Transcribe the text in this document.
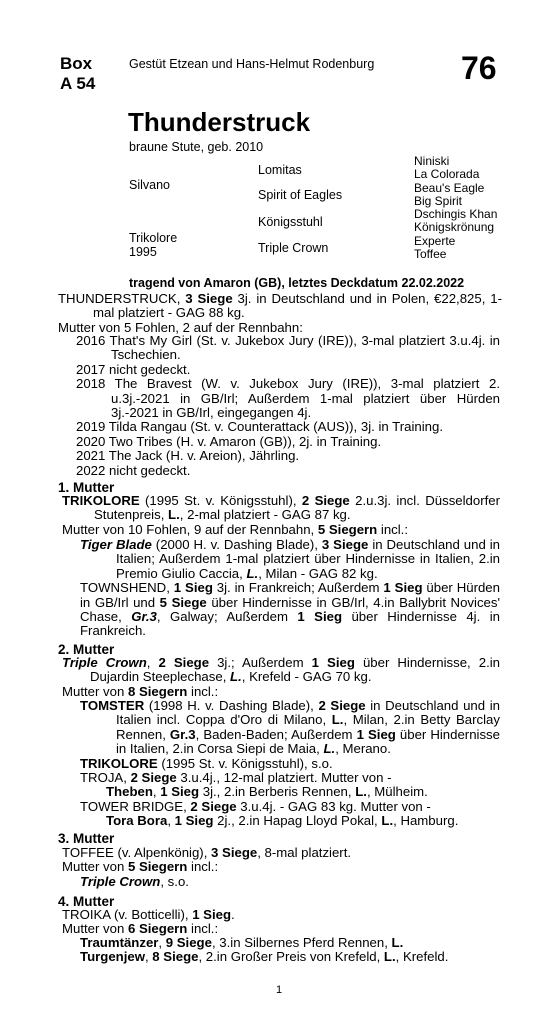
Box
A 54
Gestüt Etzean und Hans-Helmut Rodenburg	76
Thunderstruck
braune Stute, geb. 2010
Silvano
Trikolore
1995
Lomitas
Spirit of Eagles
Königsstuhl
Triple Crown
Niniski
La Colorada
Beau's Eagle
Big Spirit
Dschingis Khan
Königskrönung
Experte
Toffee
tragend von Amaron (GB), letztes Deckdatum 22.02.2022
THUNDERSTRUCK, 3 Siege 3j. in Deutschland und in Polen, €22,825, 1-mal platziert - GAG 88 kg.
Mutter von 5 Fohlen, 2 auf der Rennbahn:
2016 That's My Girl (St. v. Jukebox Jury (IRE)), 3-mal platziert 3.u.4j. in Tschechien.
2017 nicht gedeckt.
2018 The Bravest (W. v. Jukebox Jury (IRE)), 3-mal platziert 2. u.3j.-2021 in GB/Irl; Außerdem 1-mal platziert über Hürden 3j.-2021 in GB/Irl, eingegangen 4j.
2019 Tilda Rangau (St. v. Counterattack (AUS)), 3j. in Training.
2020 Two Tribes (H. v. Amaron (GB)), 2j. in Training.
2021 The Jack (H. v. Areion), Jährling.
2022 nicht gedeckt.
1. Mutter
TRIKOLORE (1995 St. v. Königsstuhl), 2 Siege 2.u.3j. incl. Düsseldorfer Stutenpreis, L., 2-mal platziert - GAG 87 kg.
Mutter von 10 Fohlen, 9 auf der Rennbahn, 5 Siegern incl.:
Tiger Blade (2000 H. v. Dashing Blade), 3 Siege in Deutschland und in Italien; Außerdem 1-mal platziert über Hindernisse in Italien, 2.in Premio Giulio Caccia, L., Milan - GAG 82 kg.
TOWNSHEND, 1 Sieg 3j. in Frankreich; Außerdem 1 Sieg über Hürden in GB/Irl und 5 Siege über Hindernisse in GB/Irl, 4.in Ballybrit Novices' Chase, Gr.3, Galway; Außerdem 1 Sieg über Hindernisse 4j. in Frankreich.
2. Mutter
Triple Crown, 2 Siege 3j.; Außerdem 1 Sieg über Hindernisse, 2.in Dujardin Steeplechase, L., Krefeld - GAG 70 kg.
Mutter von 8 Siegern incl.:
TOMSTER (1998 H. v. Dashing Blade), 2 Siege in Deutschland und in Italien incl. Coppa d'Oro di Milano, L., Milan, 2.in Betty Barclay Rennen, Gr.3, Baden-Baden; Außerdem 1 Sieg über Hindernisse in Italien, 2.in Corsa Siepi de Maia, L., Merano.
TRIKOLORE (1995 St. v. Königsstuhl), s.o.
TROJA, 2 Siege 3.u.4j., 12-mal platziert. Mutter von -
Theben, 1 Sieg 3j., 2.in Berberis Rennen, L., Mülheim.
TOWER BRIDGE, 2 Siege 3.u.4j. - GAG 83 kg. Mutter von -
Tora Bora, 1 Sieg 2j., 2.in Hapag Lloyd Pokal, L., Hamburg.
3. Mutter
TOFFEE (v. Alpenkönig), 3 Siege, 8-mal platziert.
Mutter von 5 Siegern incl.:
Triple Crown, s.o.
4. Mutter
TROIKA (v. Botticelli), 1 Sieg.
Mutter von 6 Siegern incl.:
Traumtänzer, 9 Siege, 3.in Silbernes Pferd Rennen, L.
Turgenjew, 8 Siege, 2.in Großer Preis von Krefeld, L., Krefeld.
1
